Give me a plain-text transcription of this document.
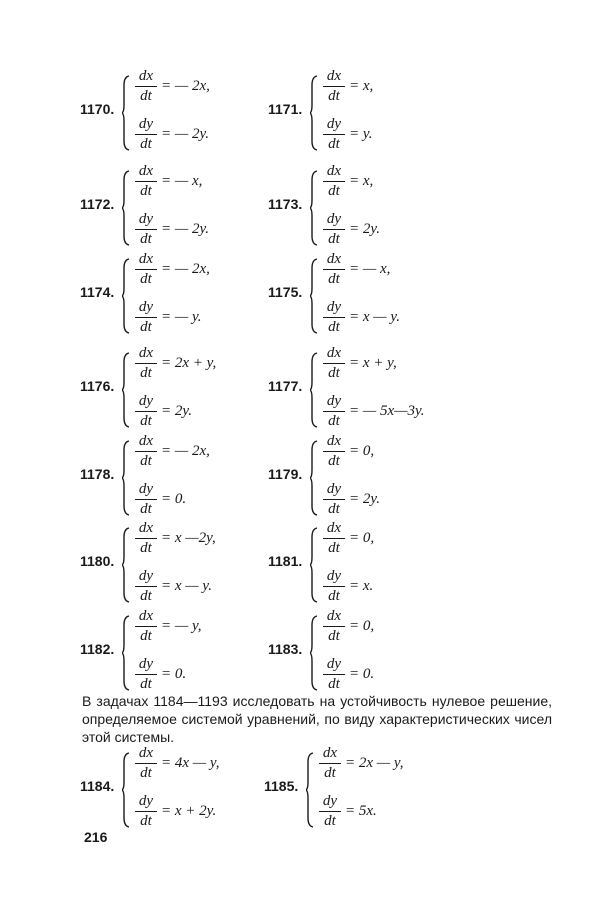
1170.
$\frac{dx}{dt}$ = — 2x,
$\frac{dy}{dt}$ = — 2y.
1171.
$\frac{dx}{dt} = x$,
$\frac{dy}{dt} = y$.
1172.
$\frac{dx}{dt}$ = — x,
$\frac{dy}{dt}$ = — 2y.
1173.
$\frac{dx}{dt} = x$,
$\frac{dy}{dt} = 2y$.
1174.
$\frac{dx}{dt}$ = — 2x,
$\frac{dy}{dt}$ = — y.
1175.
$\frac{dx}{dt}$ = — x,
$\frac{dy}{dt} = x$ — y.
1176.
$\frac{dx}{dt} = 2x + y$,
$\frac{dy}{dt} = 2y$.
1177.
$\frac{dx}{dt} = x + y$,
$\frac{dy}{dt}$ = — 5x—3y.
1178.
$\frac{dx}{dt}$ = — 2x,
$\frac{dy}{dt} = 0$.
1179.
$\frac{dx}{dt} = 0$,
$\frac{dy}{dt} = 2y$.
1180.
$\frac{dx}{dt} = x$ —2y,
$\frac{dy}{dt} = x$ — y.
1181.
$\frac{dx}{dt} = 0$,
$\frac{dy}{dt} = x$.
1182.
$\frac{dx}{dt}$ = — y,
$\frac{dy}{dt} = 0$.
1183.
$\frac{dx}{dt} = 0$,
$\frac{dy}{dt} = 0$.
1184.
$\frac{dx}{dt} = 4x$ — y,
$\frac{dy}{dt} = x + 2y$.
1185.
$\frac{dx}{dt} = 2x$ — y,
$\frac{dy}{dt} = 5x$.

В задачах 1184—1193 исследовать на устойчивость нулевое решение, определяемое системой уравнений, по виду характеристических чисел этой системы.

216
